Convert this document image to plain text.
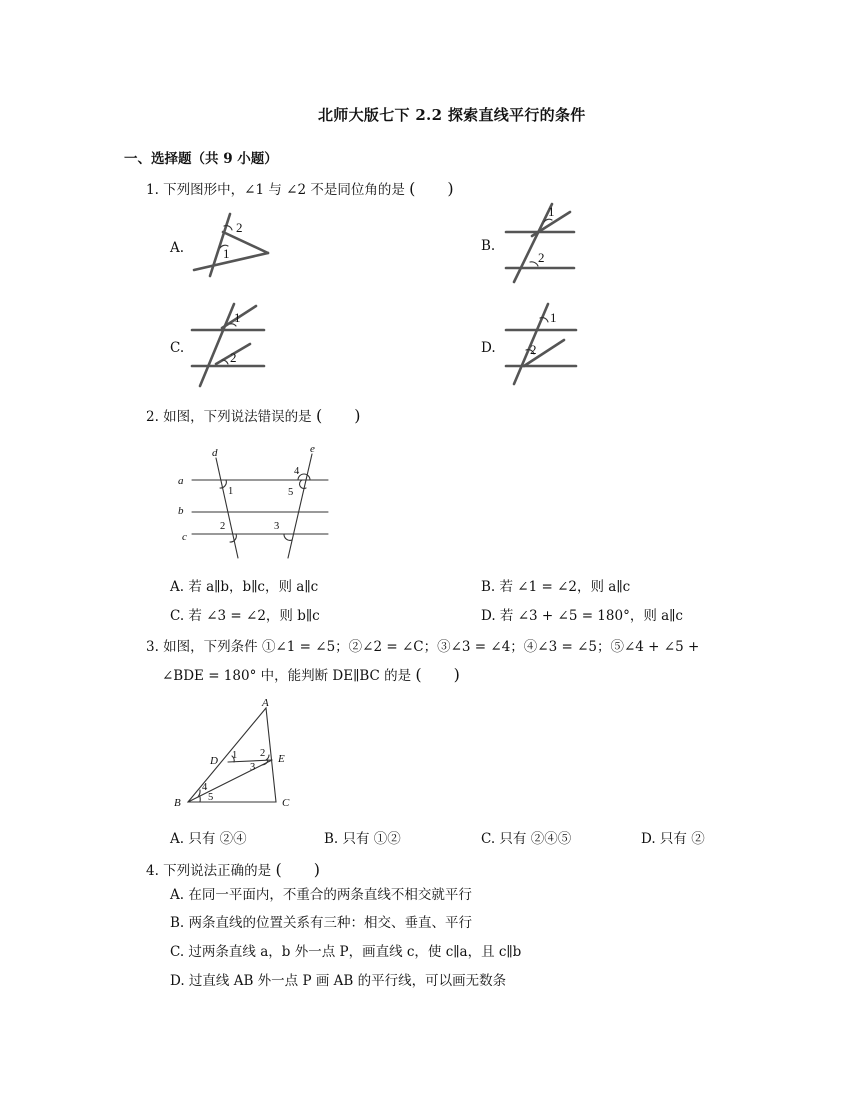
北师大版七下 2.2 探索直线平行的条件
一、选择题（共 9 小题）
1. 下列图形中，∠1 与 ∠2 不是同位角的是 (　　)
A.	B.
C.	D.
2
1
1
2
1
2
1
2
2. 如图，下列说法错误的是 (　　)
d	e
a
b
c
1
2	3
4
5
A. 若 a∥b，b∥c，则 a∥c	B. 若 ∠1 = ∠2，则 a∥c
C. 若 ∠3 = ∠2，则 b∥c	D. 若 ∠3 + ∠5 = 180°，则 a∥c
3. 如图，下列条件 ①∠1 = ∠5；②∠2 = ∠C；③∠3 = ∠4；④∠3 = ∠5；⑤∠4 + ∠5 +
∠BDE = 180° 中，能判断 DE∥BC 的是 (　　)
A
B	C
D	E
1 2
3
4
5
A. 只有 ②④	B. 只有 ①②	C. 只有 ②④⑤	D. 只有 ②
4. 下列说法正确的是 (　　)
A. 在同一平面内，不重合的两条直线不相交就平行
B. 两条直线的位置关系有三种：相交、垂直、平行
C. 过两条直线 a，b 外一点 P，画直线 c，使 c∥a，且 c∥b
D. 过直线 AB 外一点 P 画 AB 的平行线，可以画无数条
